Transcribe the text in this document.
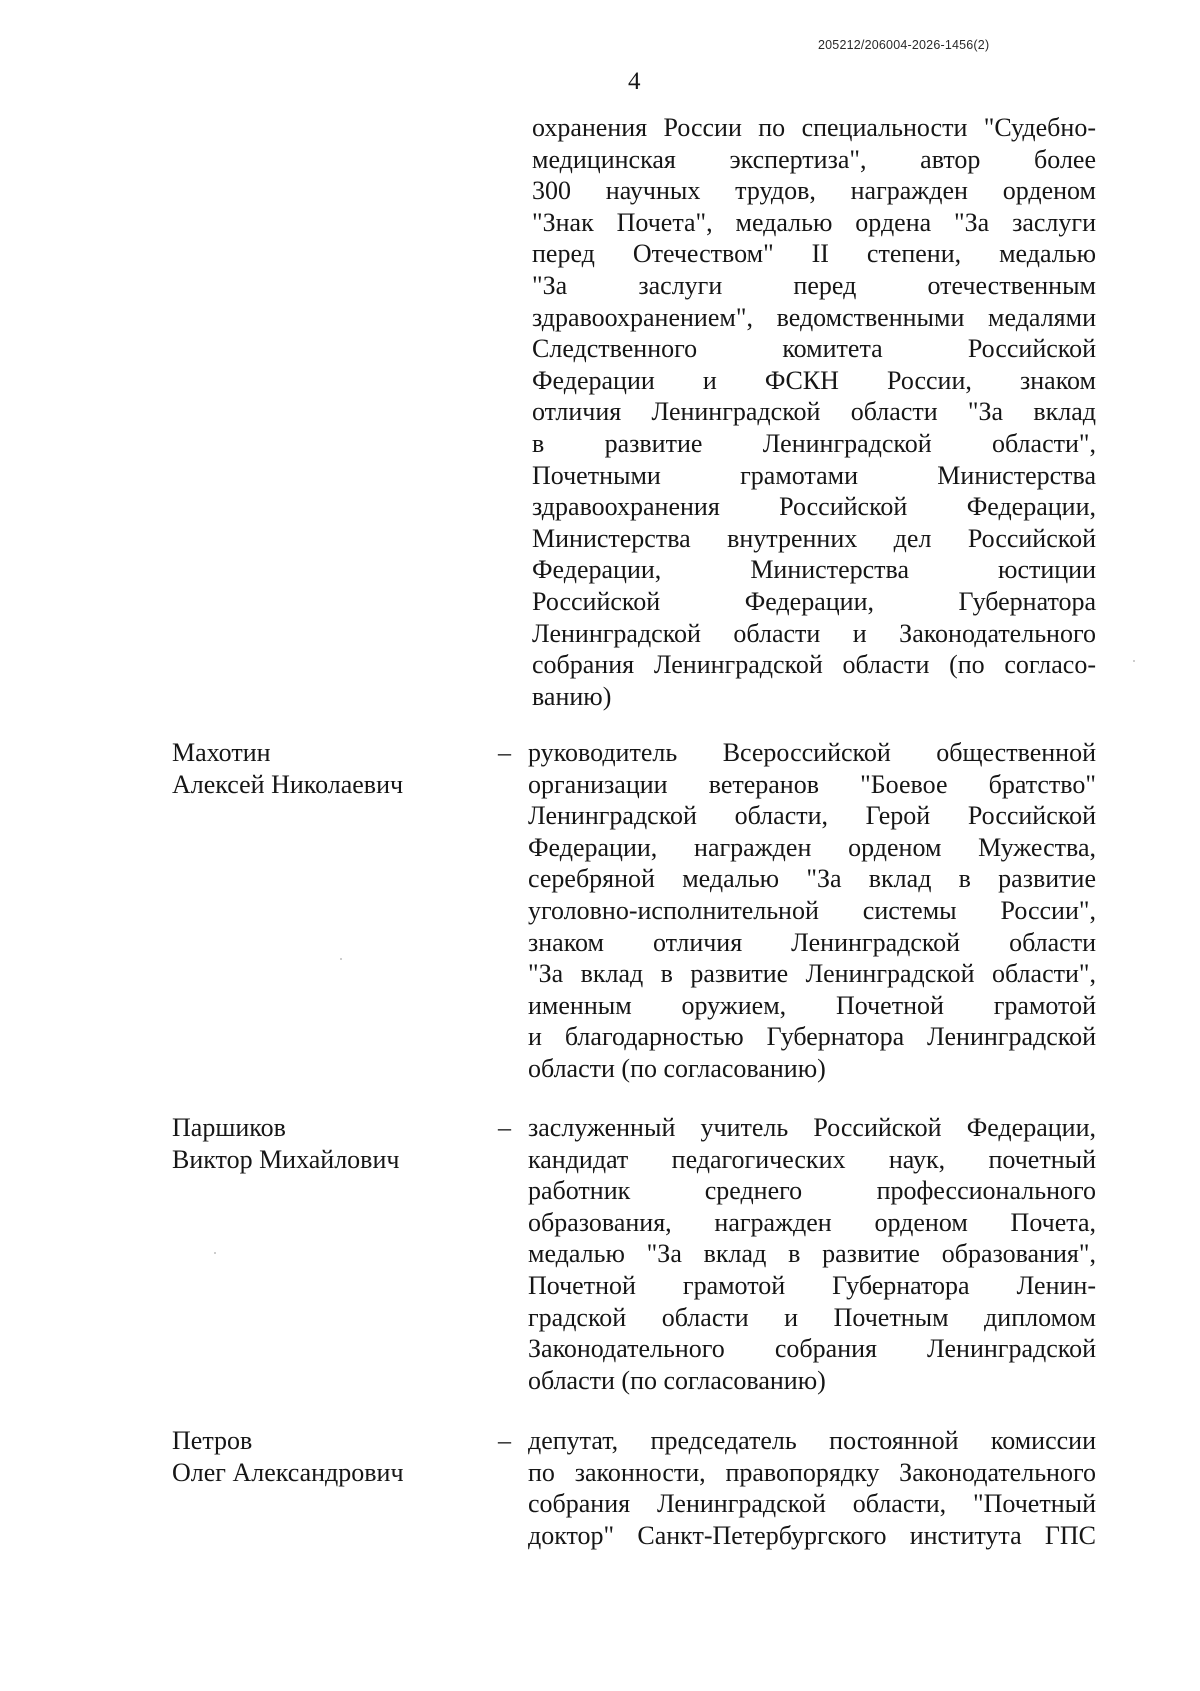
205212/206004-2026-1456(2)
4
охранения России по специальности "Судебно-
медицинская экспертиза", автор более
300 научных трудов, награжден орденом
"Знак Почета", медалью ордена "За заслуги
перед Отечеством" II степени, медалью
"За заслуги перед отечественным
здравоохранением", ведомственными медалями
Следственного комитета Российской
Федерации и ФСКН России, знаком
отличия Ленинградской области "За вклад
в развитие Ленинградской области",
Почетными грамотами Министерства
здравоохранения Российской Федерации,
Министерства внутренних дел Российской
Федерации, Министерства юстиции
Российской Федерации, Губернатора
Ленинградской области и Законодательного
собрания Ленинградской области (по согласо-
ванию)
Махотин
Алексей Николаевич
– руководитель Всероссийской общественной
организации ветеранов "Боевое братство"
Ленинградской области, Герой Российской
Федерации, награжден орденом Мужества,
серебряной медалью "За вклад в развитие
уголовно-исполнительной системы России",
знаком отличия Ленинградской области
"За вклад в развитие Ленинградской области",
именным оружием, Почетной грамотой
и благодарностью Губернатора Ленинградской
области (по согласованию)
Паршиков
Виктор Михайлович
– заслуженный учитель Российской Федерации,
кандидат педагогических наук, почетный
работник среднего профессионального
образования, награжден орденом Почета,
медалью "За вклад в развитие образования",
Почетной грамотой Губернатора Ленин-
градской области и Почетным дипломом
Законодательного собрания Ленинградской
области (по согласованию)
Петров
Олег Александрович
– депутат, председатель постоянной комиссии
по законности, правопорядку Законодательного
собрания Ленинградской области, "Почетный
доктор" Санкт-Петербургского института ГПС
